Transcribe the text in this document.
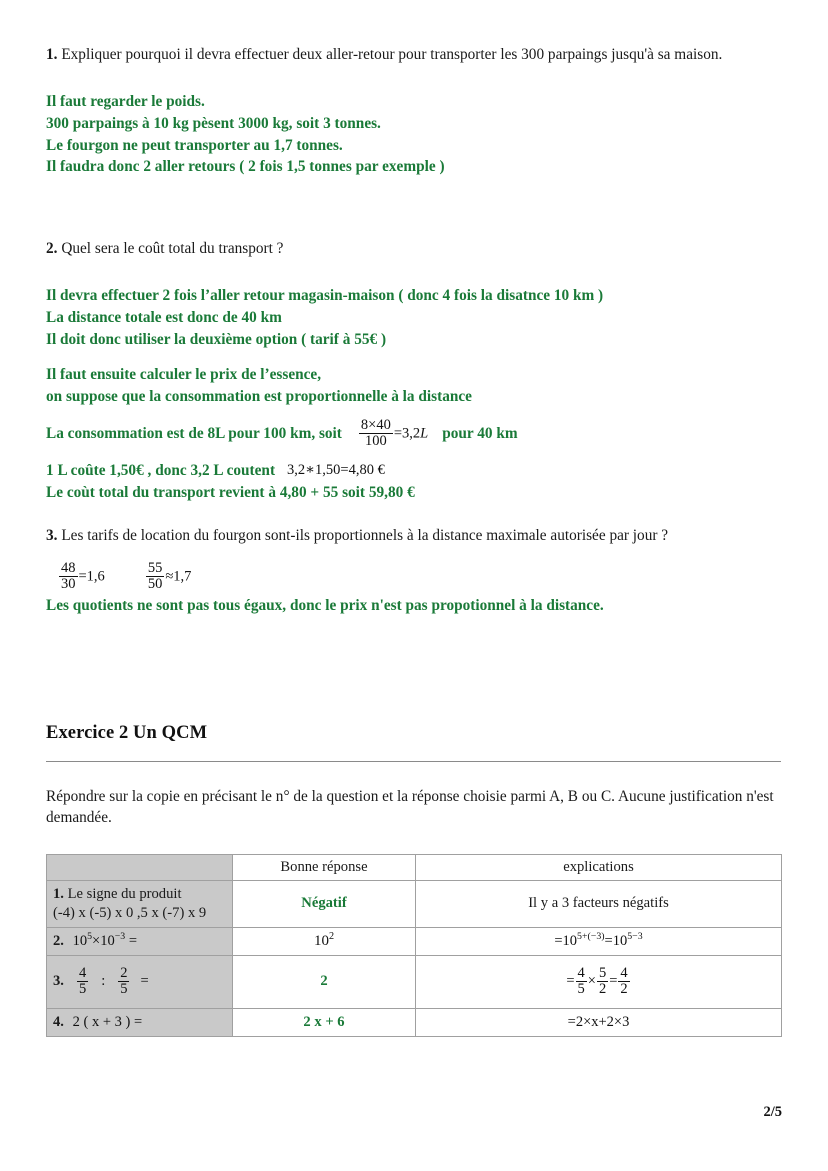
1. Expliquer pourquoi il devra effectuer deux aller-retour pour transporter les 300 parpaings jusqu'à sa maison.

Il faut regarder le poids.
300 parpaings à 10 kg pèsent 3000 kg, soit 3 tonnes.
Le fourgon ne peut transporter au 1,7 tonnes.
Il faudra donc 2 aller retours ( 2 fois 1,5 tonnes par exemple )

2. Quel sera le coût total du transport ?

Il devra effectuer 2 fois l’aller retour magasin-maison ( donc 4 fois la disatnce 10 km )
La distance totale est donc de 40 km
Il doit donc utiliser la deuxième option ( tarif à 55€ )
Il faut ensuite calculer le prix de l’essence,
on suppose que la consommation est proportionnelle à la distance
La consommation est de 8L pour 100 km, soit $\frac{8\times 40}{100} =3,2L$ pour 40 km
1 L coûte 1,50€ , donc 3,2 L coutent 3,2∗1,50=4,80 €
Le coùt total du transport revient à 4,80 + 55 soit 59,80 €

3. Les tarifs de location du fourgon sont-ils proportionnels à la distance maximale autorisée par jour ?

$\frac{48}{30} =1,6$	$\frac{55}{50} \approx 1,7$
Les quotients ne sont pas tous égaux, donc le prix n'est pas propotionnel à la distance.
Exercice 2 Un QCM

Répondre sur la copie en précisant le n° de la question et la réponse choisie parmi A, B ou C. Aucune justification n'est demandée.

	Bonne réponse	explications

1. Le signe du produit
(-4) x (-5) x 0 ,5 x (-7) x 9	Négatif	Il y a 3 facteurs négatifs
2. $10^5\times 10^{-3}$ =	$10^2$	$=10^{5+(-3)}=10^{5-3}$

3. $\frac{4}{5}$ : $\frac{2}{5}$ =	2	= $\frac{4}{5} \times \frac{5}{2} = \frac{4}{2}$

4. 2 ( x + 3 ) =	2 x + 6	=2×x+2×3
2/5
